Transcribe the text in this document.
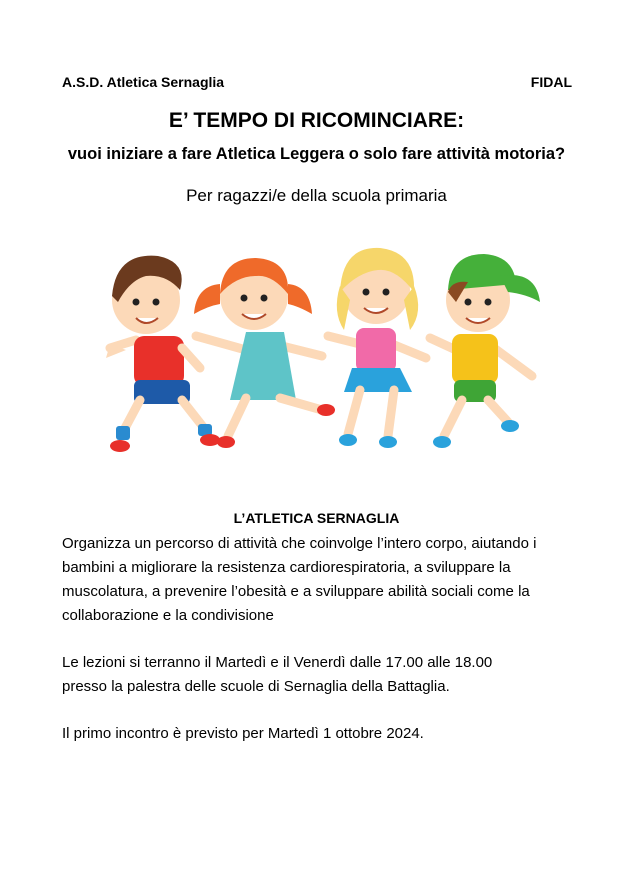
A.S.D. Atletica Sernaglia	FIDAL
E’ TEMPO DI RICOMINCIARE:
vuoi iniziare a fare Atletica Leggera o solo fare attività motoria?
Per ragazzi/e della scuola primaria
L’ATLETICA SERNAGLIA

Organizza un percorso di attività che coinvolge l’intero corpo, aiutando i bambini a migliorare la resistenza cardiorespiratoria, a sviluppare la muscolatura, a prevenire l’obesità e a sviluppare abilità sociali come la collaborazione e la condivisione

Le lezioni si terranno il Martedì e il Venerdì dalle 17.00 alle 18.00
presso la palestra delle scuole di Sernaglia della Battaglia.

Il primo incontro è previsto per Martedì 1 ottobre 2024.
